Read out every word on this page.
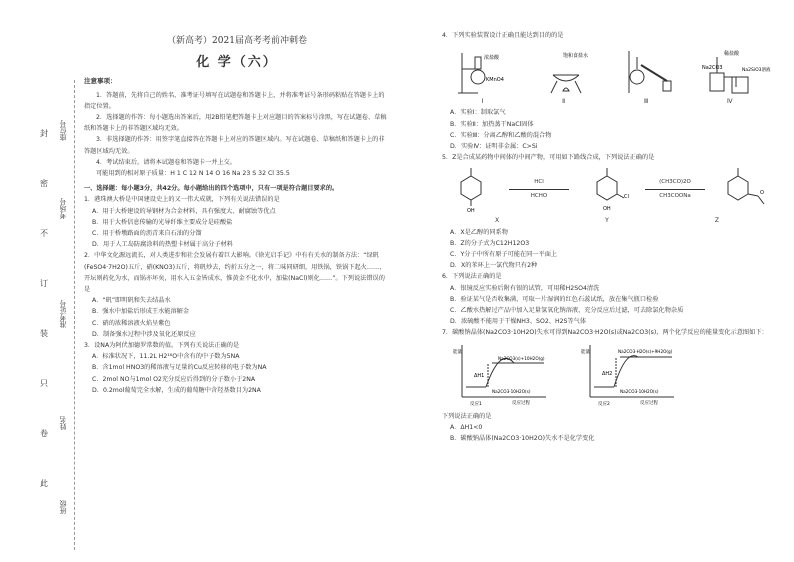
封
密
不
订
装
只
卷
此
座位号
考场号
准考证号
姓名
班级
（新高考）2021届高考考前冲刺卷
化 学（六）
注意事项：

1．答题前，先将自己的姓名、准考证号填写在试题卷和答题卡上，并将准考证号条形码粘贴在答题卡上的指定位置。

2．选择题的作答：每小题选出答案后，用2B铅笔把答题卡上对应题目的答案标号涂黑，写在试题卷、草稿纸和答题卡上的非答题区域均无效。

3．非选择题的作答：用签字笔直接答在答题卡上对应的答题区域内。写在试题卷、草稿纸和答题卡上的非答题区域均无效。

4．考试结束后，请将本试题卷和答题卡一并上交。

可能用到的相对原子质量：H 1 C 12 N 14 O 16 Na 23 S 32 Cl 35.5

一、选择题：每小题3分，共42分。每小题给出的四个选项中，只有一项是符合题目要求的。

1．港珠澳大桥是中国建设史上的又一伟大成就，下列有关说法错误的是

A．用于大桥建设的导钢材为合金材料，具有强度大、耐腐蚀等优点

B．用于大桥信息传输的光导纤维主要成分是硅酸盐

C．用于桥墩路面的沥青来自石油的分馏

D．用于人工岛防腐涂料的热塑卡材属于高分子材料

2．中华文化源远流长，对人类进步和社会发展有着巨大影响。《徐光启手记》中有有关水的制备方法：“绿矾(FeSO4·7H2O)五斤，硝(KNO3)五斤，将矾炒去，约折五分之一，将二味同研细，用铁锅，铁锅下起火……，开坛则药化为水，而锅亦坏矣，用水入五金皆成水，惟黄金不化水中，加盐(NaCl)则化……”。下列说法错误的是

A．“矾”即明矾和失去结晶水

B．强水中加盐后形成王水能溶解金

C．硝的浓稀溶液火焰呈紫色

D．制备强水过程中涉及氧化还原反应

3．设NA为阿伏加德罗常数的值。下列有关说法正确的是

A．标准状况下，11.2L H2¹⁸O中含有的中子数为5NA

B．含1mol HNO3的稀溶液与足量的Cu反应转移的电子数为NA

C．2mol NO与1mol O2充分反应后得到的分子数小于2NA

D．0.2mol葡萄完全水解，生成的葡萄糖中含羟基数目为2NA

4．下列实验装置设计正确且能达到目的的是

浓盐酸
KMnO4
饱和食盐水	稀盐酸
Na2CO3	Na2SiO3溶液
Ⅰ	Ⅱ	Ⅲ	Ⅳ

A．实验Ⅰ：制取氯气

B．实验Ⅱ：加热蒸干NaCl固体

C．实验Ⅲ：分离乙醇和乙酸的混合物

D．实验Ⅳ：证明非金属：C>Si

5．Z是合成某药物中间体的中间产物，可用如下路线合成，下列说法正确的是

OH
HCl
HCHO	Cl
OH
(CH3CO)2O
CH3COONa	O
X	Y	Z

A．X是乙醇的同系物

B．Z的分子式为C12H12O3

C．Y分子中所有原子可能在同一平面上

D．X的苯环上一氯代物只有2种

6．下列说法正确的是

A．银镜反应实验后附有银的试管，可用稀H2SO4清洗

B．验证某气是否收集满，可取一片湿润的红色石蕊试纸，放在集气瓶口检验

C．乙酸水热解过产品中加入足量氢氧化钠溶液，充分反应后过滤，可去除氯化物杂质

D．浓硫酸不能用于干燥NH3、SO2、H2S等气体

7．碳酸钠晶体(Na2CO3·10H2O)失水可得到Na2CO3·H2O(s)或Na2CO3(s)，两个化学反应的能量变化示意图如下：

能量
反应过程
反应1
ΔH1
Na2CO3(s)+10H2O(g)
Na2CO3·10H2O(s)
能量
反应过程
反应2
ΔH2
Na2CO3·H2O(s)+9H2O(g)
Na2CO3·10H2O(s)

下列说法正确的是

A．ΔH1<0

B．碳酸钠晶体(Na2CO3·10H2O)失水不是化学变化
